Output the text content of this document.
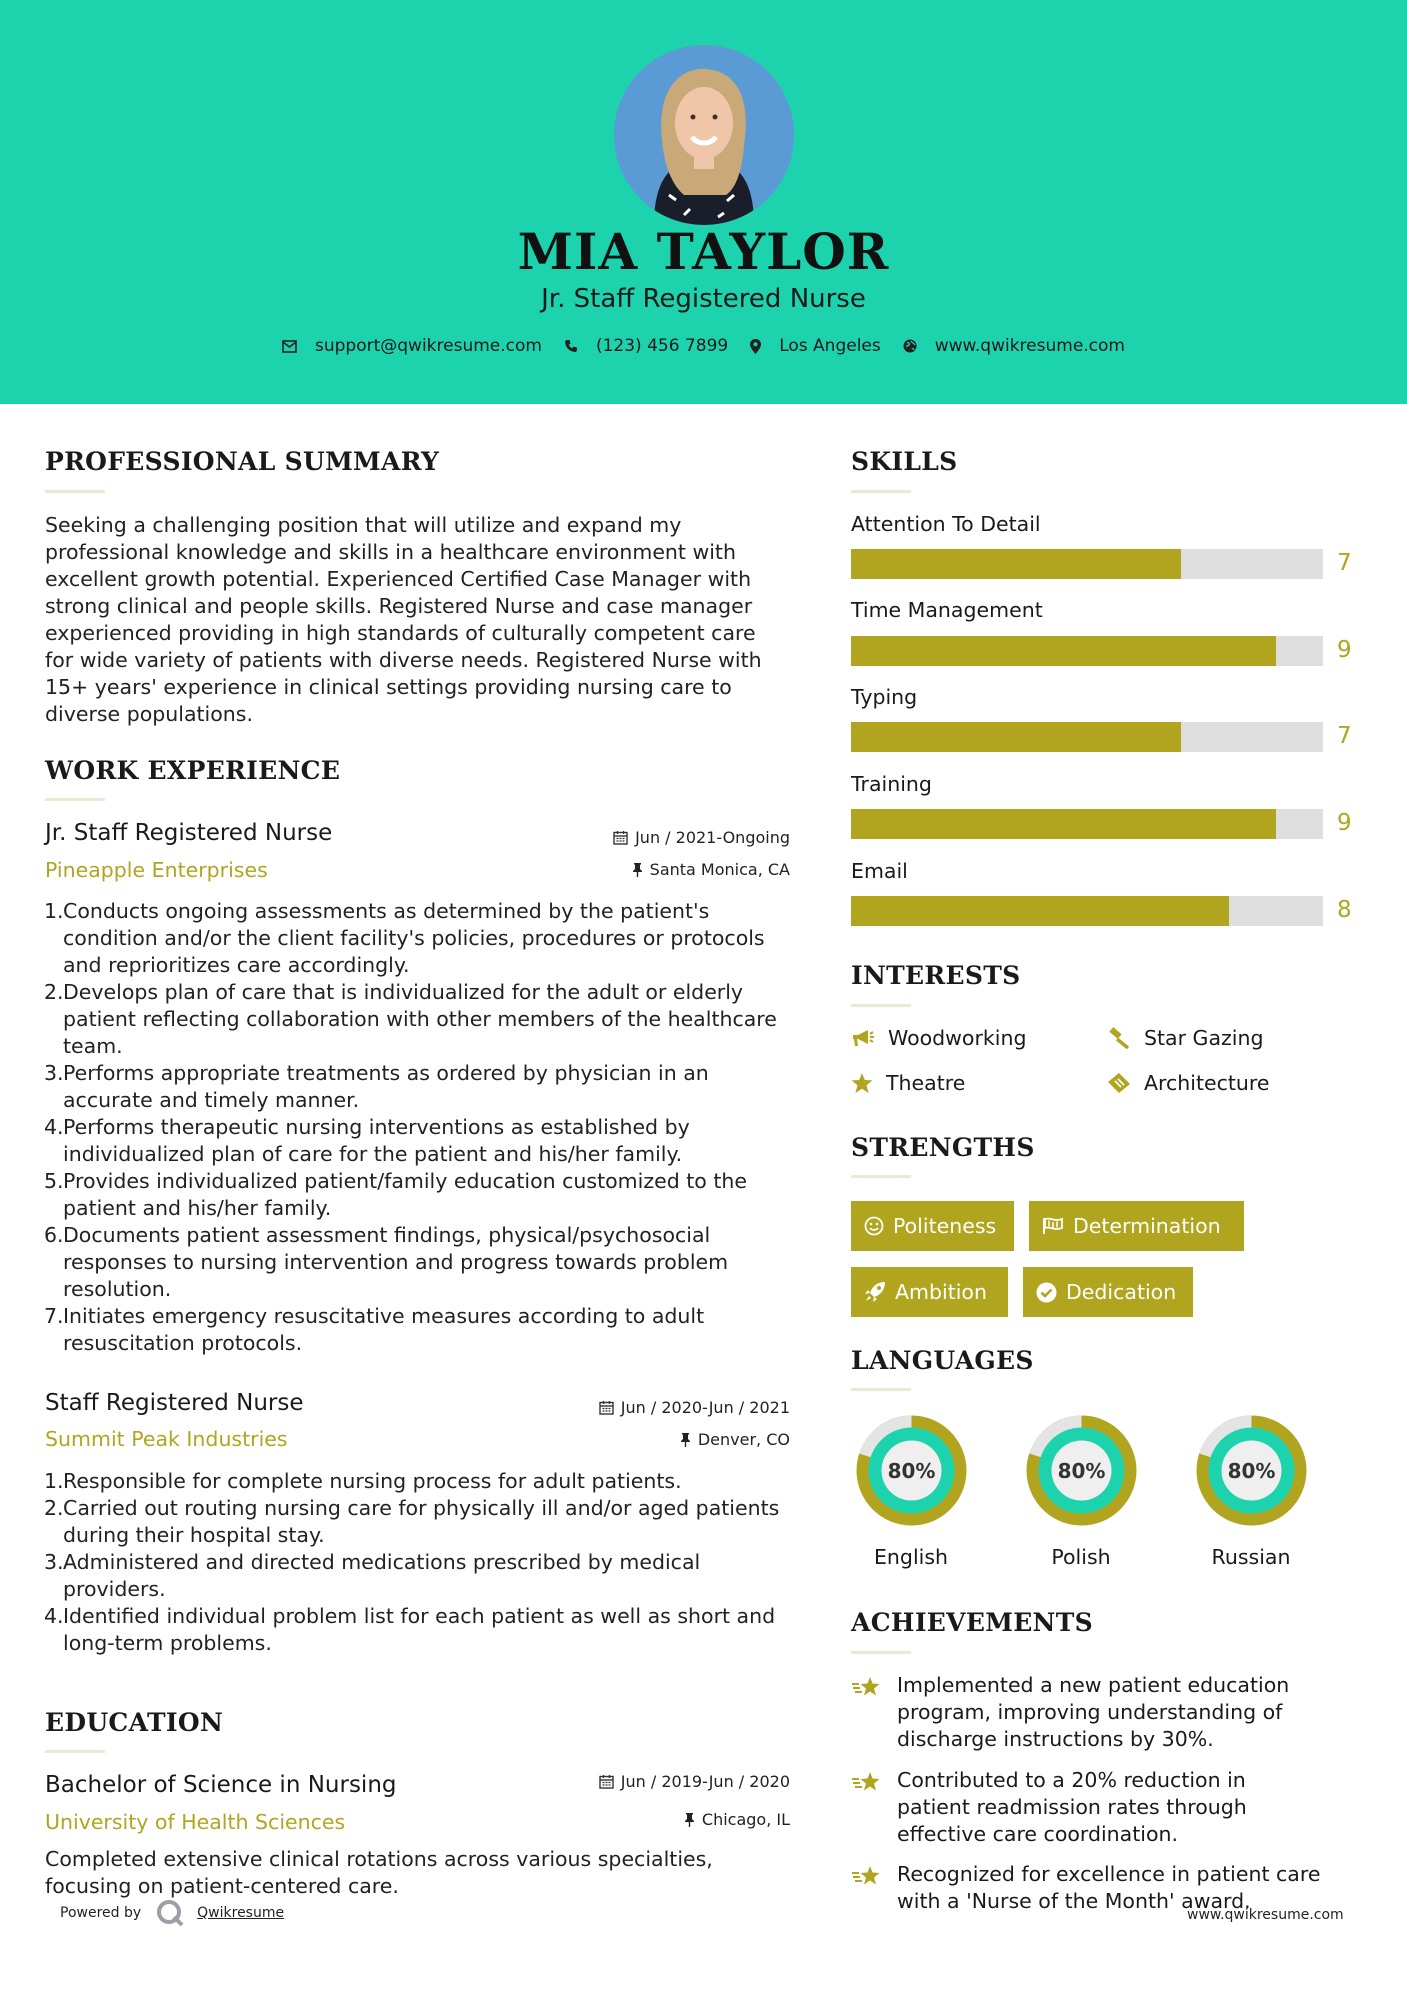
MIA TAYLOR
Jr. Staff Registered Nurse
support@qwikresume.com	(123) 456 7899	Los Angeles	www.qwikresume.com
PROFESSIONAL SUMMARY
Seeking a challenging position that will utilize and expand my professional knowledge and skills in a healthcare environment with excellent growth potential. Experienced Certified Case Manager with strong clinical and people skills. Registered Nurse and case manager experienced providing in high standards of culturally competent care for wide variety of patients with diverse needs. Registered Nurse with 15+ years' experience in clinical settings providing nursing care to diverse populations.
WORK EXPERIENCE
Jr. Staff Registered Nurse
Pineapple Enterprises
Jun / 2021-Ongoing
Santa Monica, CA
1. Conducts ongoing assessments as determined by the patient's condition and/or the client facility's policies, procedures or protocols and reprioritizes care accordingly.
2. Develops plan of care that is individualized for the adult or elderly patient reflecting collaboration with other members of the healthcare team.
3. Performs appropriate treatments as ordered by physician in an accurate and timely manner.
4. Performs therapeutic nursing interventions as established by individualized plan of care for the patient and his/her family.
5. Provides individualized patient/family education customized to the patient and his/her family.
6. Documents patient assessment findings, physical/psychosocial responses to nursing intervention and progress towards problem resolution.
7. Initiates emergency resuscitative measures according to adult resuscitation protocols.
Staff Registered Nurse
Summit Peak Industries
Jun / 2020-Jun / 2021
Denver, CO
1. Responsible for complete nursing process for adult patients.
2. Carried out routing nursing care for physically ill and/or aged patients during their hospital stay.
3. Administered and directed medications prescribed by medical providers.
4. Identified individual problem list for each patient as well as short and long-term problems.
EDUCATION
Bachelor of Science in Nursing
University of Health Sciences
Jun / 2019-Jun / 2020
Chicago, IL
Completed extensive clinical rotations across various specialties, focusing on patient-centered care.
SKILLS
Attention To Detail
7
Time Management
9
Typing
7
Training
9
Email
8
INTERESTS
Woodworking	Star Gazing
Theatre	Architecture
STRENGTHS
Politeness	Determination
Ambition	Dedication
LANGUAGES
80%	80%	80%
English	Polish	Russian
ACHIEVEMENTS
Implemented a new patient education program, improving understanding of discharge instructions by 30%.
Contributed to a 20% reduction in patient readmission rates through effective care coordination.
Recognized for excellence in patient care with a 'Nurse of the Month' award.
Powered by	Qwikresume	www.qwikresume.com
